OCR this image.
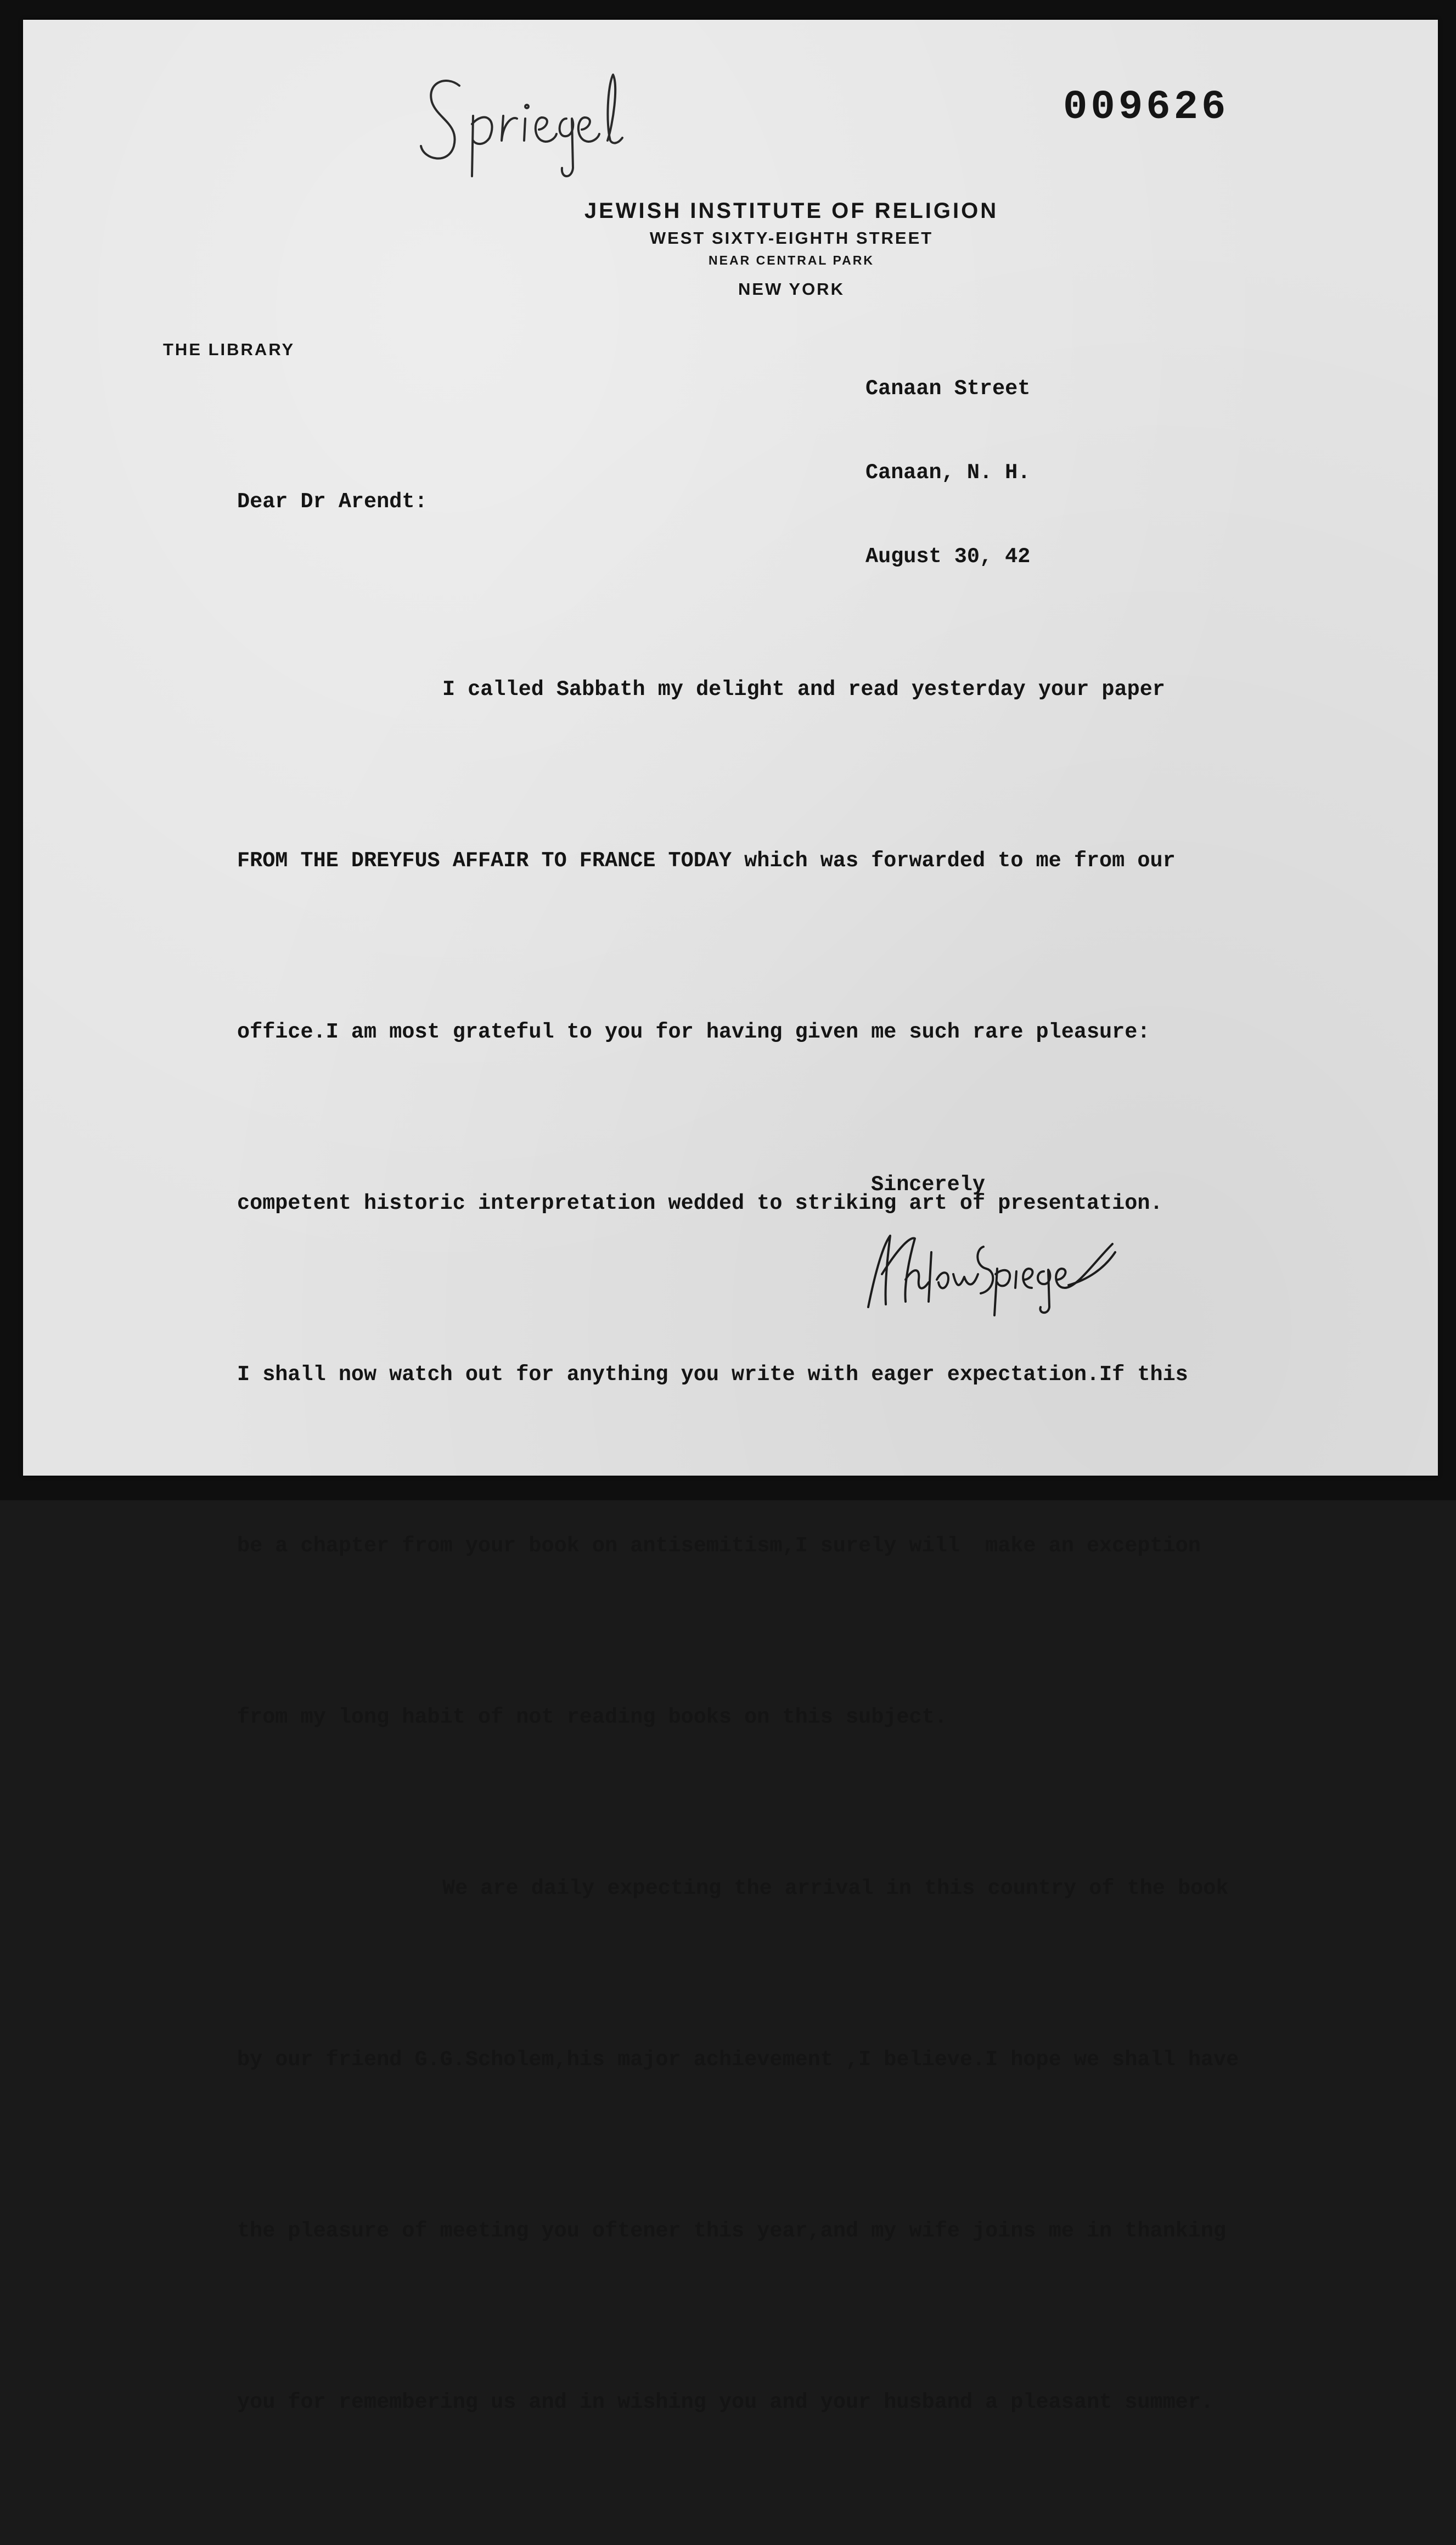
009626

JEWISH INSTITUTE OF RELIGION
WEST SIXTY-EIGHTH STREET
NEAR CENTRAL PARK
NEW YORK

THE LIBRARY

Canaan Street

Canaan, N. H.

August 30, 42

Dear Dr Arendt:

I called Sabbath my delight and read yesterday your paper

FROM THE DREYFUS AFFAIR TO FRANCE TODAY which was forwarded to me from our

office.I am most grateful to you for having given me such rare pleasure:

competent historic interpretation wedded to striking art of presentation.

I shall now watch out for anything you write with eager expectation.If this

be a chapter from your book on antisemitism,I surely will  make an exception

from my long habit of not reading books on this subject.

We are daily expecting the arrival in this country of the book

by our friend G.G.Scholem,his major achievement ,I believe.I hope we shall have

the pleasure of meeting you oftener this year,and my wife joins me in thanking

you for remembering us and in wishing you and your husband a pleasant summer.

Sincerely
